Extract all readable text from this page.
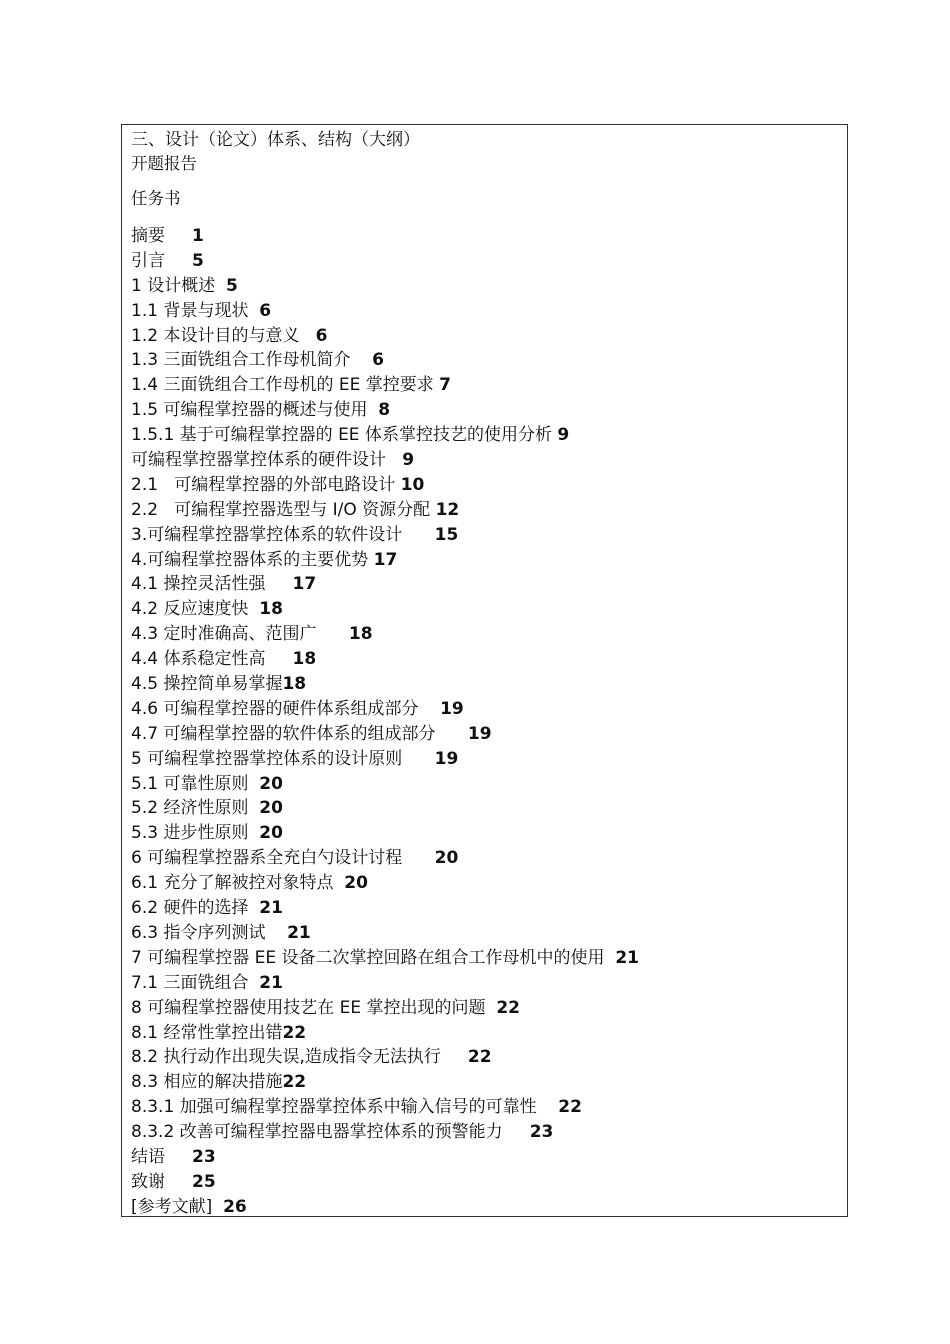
三、设计（论文）体系、结构（大纲）
开题报告
任务书
摘要 1
引言 5
1 设计概述 5
1.1 背景与现状 6
1.2 本设计目的与意义 6
1.3 三面铣组合工作母机简介 6
1.4 三面铣组合工作母机的 EE 掌控要求 7
1.5 可编程掌控器的概述与使用 8
1.5.1 基于可编程掌控器的 EE 体系掌控技艺的使用分析 9
可编程掌控器掌控体系的硬件设计 9
2.1   可编程掌控器的外部电路设计 10
2.2   可编程掌控器选型与 I/O 资源分配 12
3.可编程掌控器掌控体系的软件设计 15
4.可编程掌控器体系的主要优势 17
4.1 操控灵活性强 17
4.2 反应速度快 18
4.3 定时准确高、范围广 18
4.4 体系稳定性高 18
4.5 操控简单易掌握18
4.6 可编程掌控器的硬件体系组成部分 19
4.7 可编程掌控器的软件体系的组成部分 19
5 可编程掌控器掌控体系的设计原则 19
5.1 可靠性原则 20
5.2 经济性原则 20
5.3 进步性原则 20
6 可编程掌控器系全充白勺设计讨程 20
6.1 充分了解被控对象特点 20
6.2 硬件的选择 21
6.3 指令序列测试 21
7 可编程掌控器 EE 设备二次掌控回路在组合工作母机中的使用 21
7.1 三面铣组合 21
8 可编程掌控器使用技艺在 EE 掌控出现的问题 22
8.1 经常性掌控出错22
8.2 执行动作出现失误,造成指令无法执行 22
8.3 相应的解决措施22
8.3.1 加强可编程掌控器掌控体系中输入信号的可靠性 22
8.3.2 改善可编程掌控器电器掌控体系的预警能力 23
结语 23
致谢 25
[参考文献] 26
